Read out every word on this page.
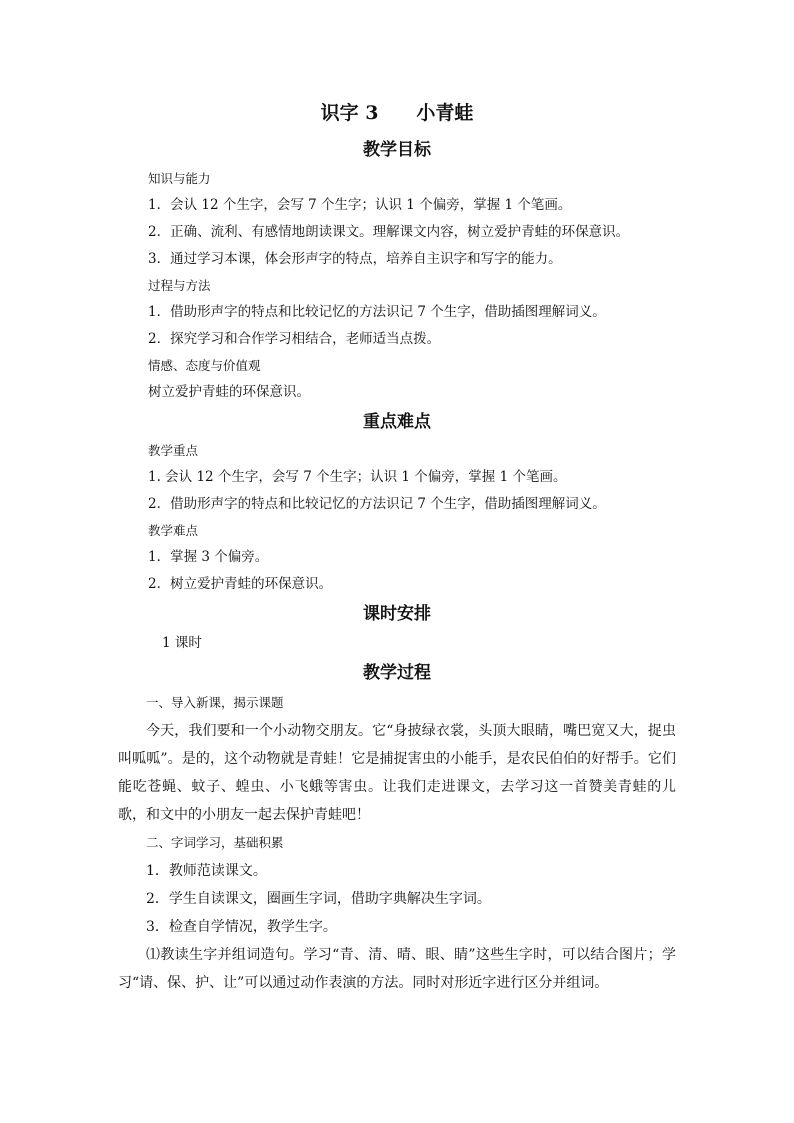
识字 3　　小青蛙
教学目标
知识与能力
1．会认 12 个生字，会写 7 个生字；认识 1 个偏旁，掌握 1 个笔画。
2．正确、流利、有感情地朗读课文。理解课文内容，树立爱护青蛙的环保意识。
3．通过学习本课，体会形声字的特点，培养自主识字和写字的能力。
过程与方法
1．借助形声字的特点和比较记忆的方法识记 7 个生字，借助插图理解词义。
2．探究学习和合作学习相结合，老师适当点拨。
情感、态度与价值观
树立爱护青蛙的环保意识。
重点难点
教学重点
1. 会认 12 个生字，会写 7 个生字；认识 1 个偏旁，掌握 1 个笔画。
2．借助形声字的特点和比较记忆的方法识记 7 个生字，借助插图理解词义。
教学难点
1．掌握 3 个偏旁。
2．树立爱护青蛙的环保意识。
课时安排
1 课时
教学过程
一、导入新课，揭示课题

今天，我们要和一个小动物交朋友。它“身披绿衣裳，头顶大眼睛，嘴巴宽又大，捉虫叫呱呱”。是的，这个动物就是青蛙！它是捕捉害虫的小能手，是农民伯伯的好帮手。它们能吃苍蝇、蚊子、蝗虫、小飞蛾等害虫。让我们走进课文，去学习这一首赞美青蛙的儿歌，和文中的小朋友一起去保护青蛙吧！

二、字词学习，基础积累
1．教师范读课文。
2．学生自读课文，圈画生字词，借助字典解决生字词。
3．检查自学情况，教学生字。

⑴教读生字并组词造句。学习“青、清、晴、眼、睛”这些生字时，可以结合图片；学习“请、保、护、让”可以通过动作表演的方法。同时对形近字进行区分并组词。
